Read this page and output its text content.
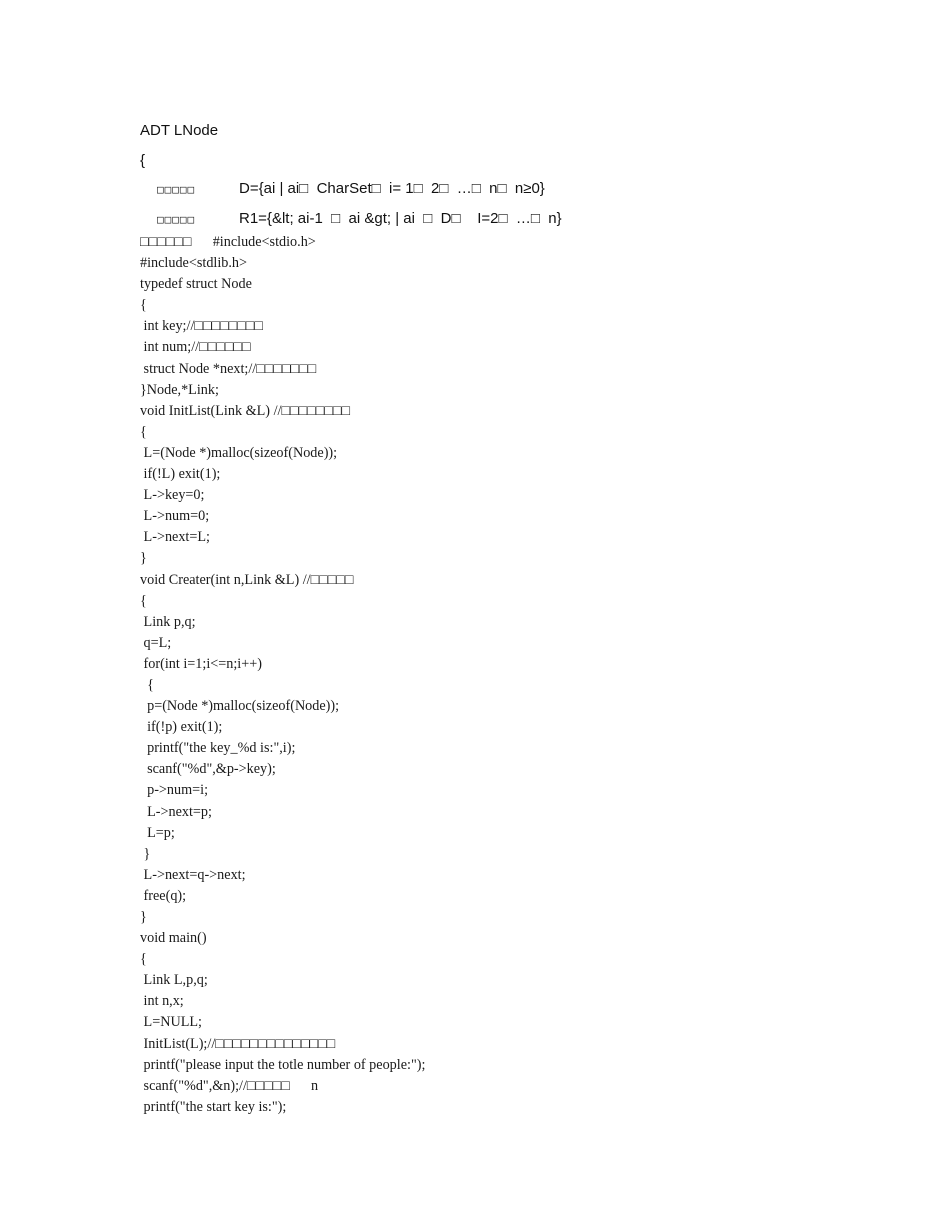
ADT LNode
{
□□□□□	D={ai | ai□  CharSet□  i= 1□  2□  …□  n□  n≥0}
□□□□□	R1={&lt; ai-1  □  ai &gt; | ai  □  D□    I=2□  …□  n}
□□□□□□      #include<stdio.h>
#include<stdlib.h>
typedef struct Node
{
int key;//□□□□□□□□
int num;//□□□□□□
struct Node *next;//□□□□□□□
}Node,*Link;
void InitList(Link &L) //□□□□□□□□
{
L=(Node *)malloc(sizeof(Node));
if(!L) exit(1);
L->key=0;
L->num=0;
L->next=L;
}
void Creater(int n,Link &L) //□□□□□
{
Link p,q;
q=L;
for(int i=1;i<=n;i++)
{
p=(Node *)malloc(sizeof(Node));
if(!p) exit(1);
printf("the key_%d is:",i);
scanf("%d",&p->key);
p->num=i;
L->next=p;
L=p;
}
L->next=q->next;
free(q);
}
void main()
{
Link L,p,q;
int n,x;
L=NULL;
InitList(L);//□□□□□□□□□□□□□□
printf("please input the totle number of people:");
scanf("%d",&n);//□□□□□      n
printf("the start key is:");
